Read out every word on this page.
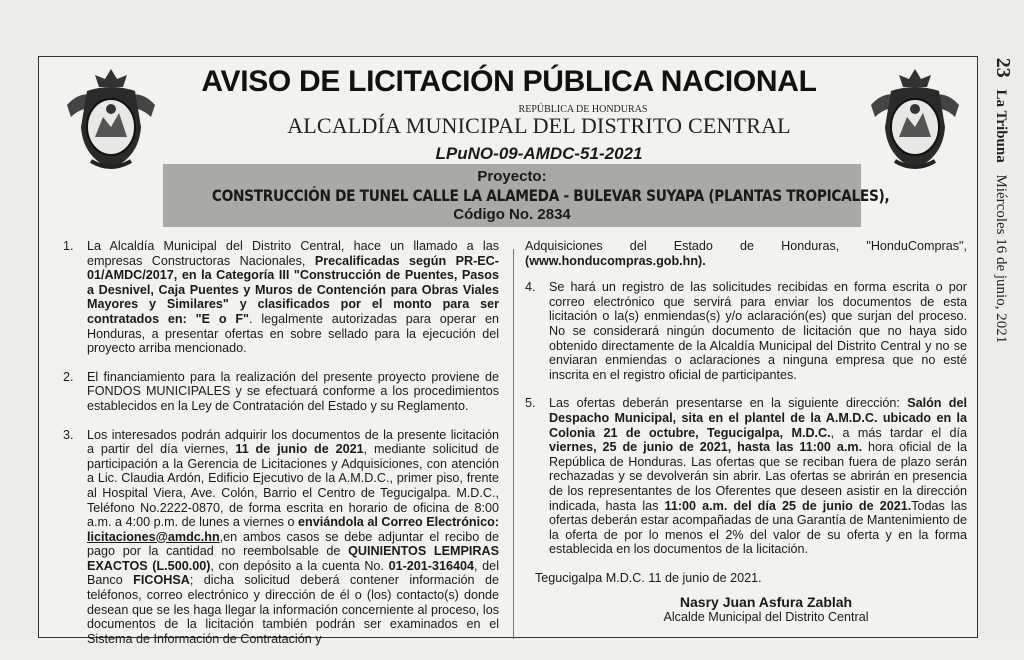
23 La Tribuna Miércoles 16 de junio, 2021
AVISO DE LICITACIÓN PÚBLICA NACIONAL
REPÚBLICA DE HONDURAS
ALCALDÍA MUNICIPAL DEL DISTRITO CENTRAL
LPuNO-09-AMDC-51-2021
Proyecto:
CONSTRUCCIÓN DE TUNEL CALLE LA ALAMEDA - BULEVAR SUYAPA (PLANTAS TROPICALES),
Código No. 2834
1.	La Alcaldía Municipal del Distrito Central, hace un llamado a las empresas Constructoras Nacionales, Precalificadas según PR-EC-01/AMDC/2017, en la Categoría III "Construcción de Puentes, Pasos a Desnivel, Caja Puentes y Muros de Contención para Obras Viales Mayores y Similares" y clasificados por el monto para ser contratados en: "E o F". legalmente autorizadas para operar en Honduras, a presentar ofertas en sobre sellado para la ejecución del proyecto arriba mencionado.
2.	El financiamiento para la realización del presente proyecto proviene de FONDOS MUNICIPALES y se efectuará conforme a los procedimientos establecidos en la Ley de Contratación del Estado y su Reglamento.
3.	Los interesados podrán adquirir los documentos de la presente licitación a partir del día viernes, 11 de junio de 2021, mediante solicitud de participación a la Gerencia de Licitaciones y Adquisiciones, con atención a Lic. Claudia Ardón, Edificio Ejecutivo de la A.M.D.C., primer piso, frente al Hospital Viera, Ave. Colón, Barrio el Centro de Tegucigalpa. M.D.C., Teléfono No.2222-0870, de forma escrita en horario de oficina de 8:00 a.m. a 4:00 p.m. de lunes a viernes o enviándola al Correo Electrónico: licitaciones@amdc.hn,en ambos casos se debe adjuntar el recibo de pago por la cantidad no reembolsable de QUINIENTOS LEMPIRAS EXACTOS (L.500.00), con depósito a la cuenta No. 01-201-316404, del Banco FICOHSA; dicha solicitud deberá contener información de teléfonos, correo electrónico y dirección de él o (los) contacto(s) donde desean que se les haga llegar la información concerniente al proceso, los documentos de la licitación también podrán ser examinados en el Sistema de Información de Contratación y
Adquisiciones del Estado de Honduras, "HonduCompras", (www.honducompras.gob.hn).
4.	Se hará un registro de las solicitudes recibidas en forma escrita o por correo electrónico que servirá para enviar los documentos de esta licitación o la(s) enmiendas(s) y/o aclaración(es) que surjan del proceso. No se considerará ningún documento de licitación que no haya sido obtenido directamente de la Alcaldía Municipal del Distrito Central y no se enviaran enmiendas o aclaraciones a ninguna empresa que no esté inscrita en el registro oficial de participantes.
5.	Las ofertas deberán presentarse en la siguiente dirección: Salón del Despacho Municipal, sita en el plantel de la A.M.D.C. ubicado en la Colonia 21 de octubre, Tegucigalpa, M.D.C., a más tardar el día viernes, 25 de junio de 2021, hasta las 11:00 a.m. hora oficial de la República de Honduras. Las ofertas que se reciban fuera de plazo serán rechazadas y se devolverán sin abrir. Las ofertas se abrirán en presencia de los representantes de los Oferentes que deseen asistir en la dirección indicada, hasta las 11:00 a.m. del día 25 de junio de 2021.Todas las ofertas deberán estar acompañadas de una Garantía de Mantenimiento de la oferta de por lo menos el 2% del valor de su oferta y en la forma establecida en los documentos de la licitación.
Tegucigalpa M.D.C. 11 de junio de 2021.
Nasry Juan Asfura Zablah
Alcalde Municipal del Distrito Central
